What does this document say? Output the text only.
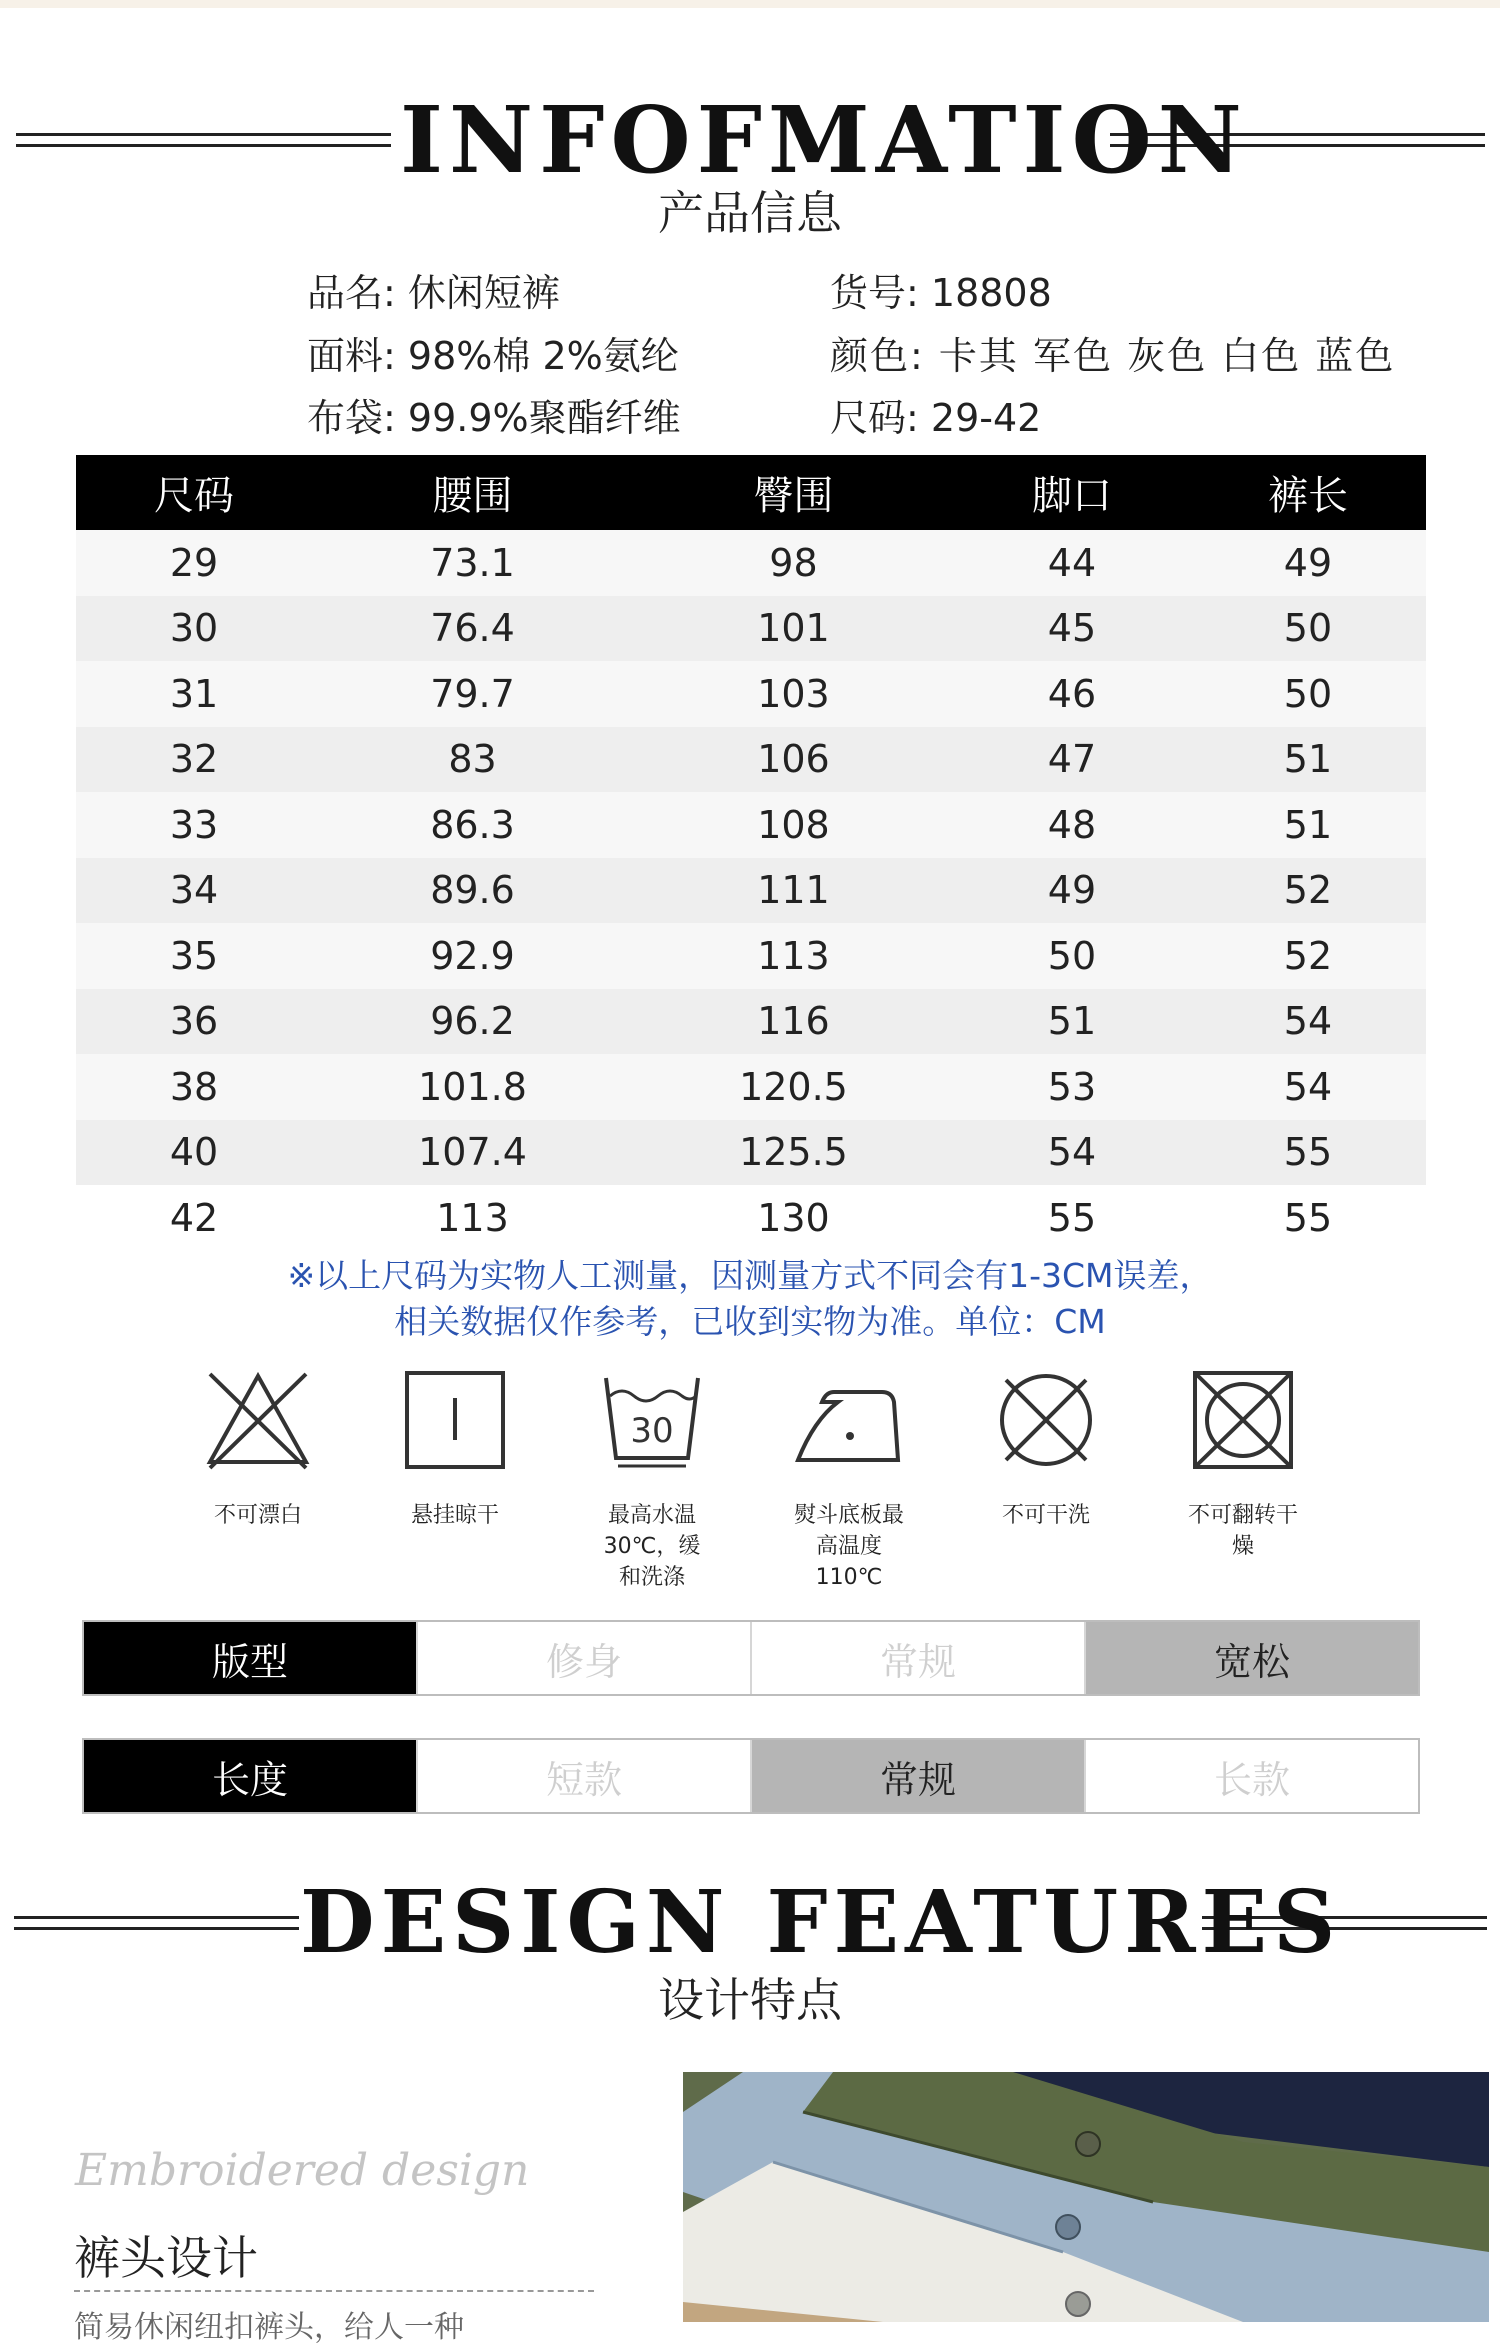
INFOFMATION
产品信息
品名: 休闲短裤
面料: 98%棉 2%氨纶
布袋: 99.9%聚酯纤维
货号: 18808
颜色: 卡其 军色 灰色 白色 蓝色
尺码: 29-42
尺码	腰围	臀围	脚口	裤长
29	73.1	98	44	49
30	76.4	101	45	50
31	79.7	103	46	50
32	83	106	47	51
33	86.3	108	48	51
34	89.6	111	49	52
35	92.9	113	50	52
36	96.2	116	51	54
38	101.8	120.5	53	54
40	107.4	125.5	54	55
42	113	130	55	55
※以上尺码为实物人工测量，因测量方式不同会有1-3CM误差，
相关数据仅作参考，已收到实物为准。单位：CM
不可漂白	悬挂晾干
30
最高水温
30℃，缓
和洗涤
熨斗底板最
高温度
110℃
不可干洗	不可翻转干
燥
版型	修身	常规	宽松
长度	短款	常规	长款
DESIGN FEATURES
设计特点
Embroidered design
裤头设计
简易休闲纽扣裤头，给人一种
